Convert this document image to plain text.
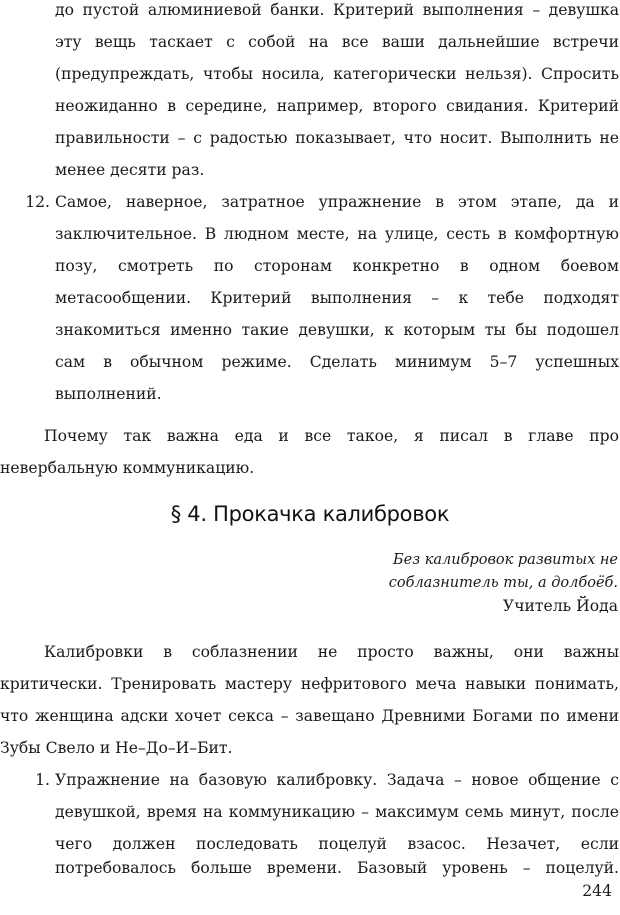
до пустой алюминиевой банки. Критерий выполнения – девушка
эту вещь таскает с собой на все ваши дальнейшие встречи
(предупреждать, чтобы носила, категорически нельзя). Спросить
неожиданно в середине, например, второго свидания. Критерий
правильности – с радостью показывает, что носит. Выполнить не
менее десяти раз.
12. Самое, наверное, затратное упражнение в этом этапе, да и
заключительное. В людном месте, на улице, сесть в комфортную
позу, смотреть по сторонам конкретно в одном боевом
метасообщении. Критерий выполнения – к тебе подходят
знакомиться именно такие девушки, к которым ты бы подошел
сам в обычном режиме. Сделать минимум 5–7 успешных
выполнений.
Почему так важна еда и все такое, я писал в главе про
невербальную коммуникацию.
§ 4. Прокачка калибровок
Без калибровок развитых не
соблазнитель ты, а долбоёб.
Учитель Йода
Калибровки в соблазнении не просто важны, они важны
критически. Тренировать мастеру нефритового меча навыки понимать,
что женщина адски хочет секса – завещано Древними Богами по имени
Зубы Свело и Не–До–И–Бит.
1. Упражнение на базовую калибровку. Задача – новое общение с
девушкой, время на коммуникацию – максимум семь минут, после
чего должен последовать поцелуй взасос. Незачет, если
потребовалось больше времени. Базовый уровень – поцелуй.
244
